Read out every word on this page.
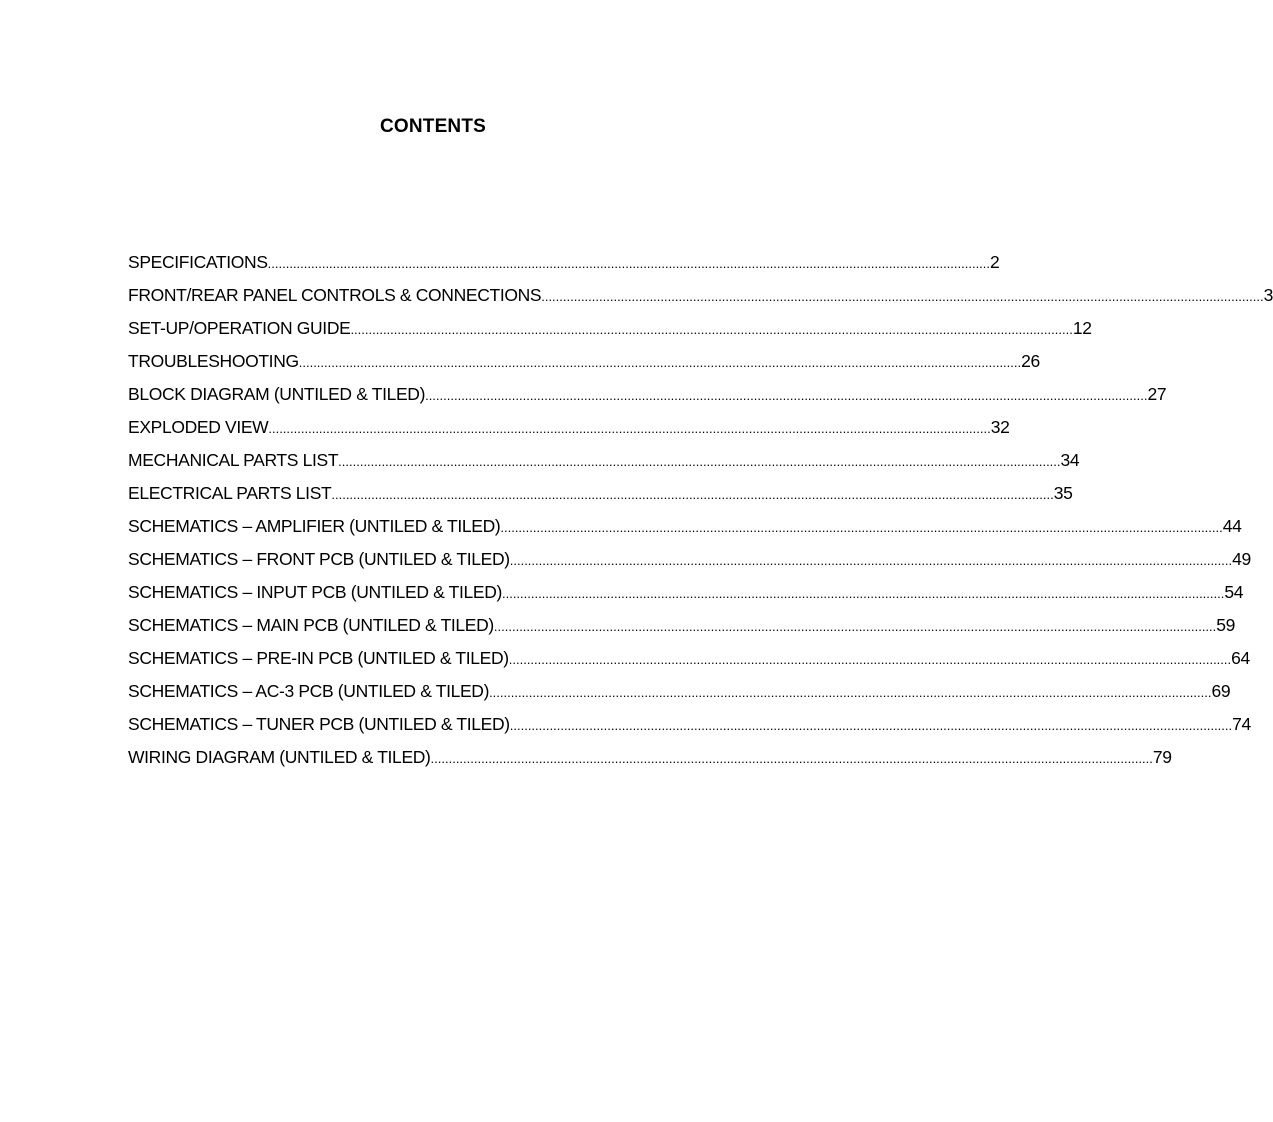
CONTENTS
SPECIFICATIONS ........................................................................................................................................................................................................ 2
FRONT/REAR PANEL CONTROLS & CONNECTIONS ........................................................................................................................................................................................................ 3
SET-UP/OPERATION GUIDE ........................................................................................................................................................................................................ 12
TROUBLESHOOTING ........................................................................................................................................................................................................ 26
BLOCK DIAGRAM (UNTILED & TILED) ........................................................................................................................................................................................................ 27
EXPLODED VIEW ........................................................................................................................................................................................................ 32
MECHANICAL PARTS LIST ........................................................................................................................................................................................................ 34
ELECTRICAL PARTS LIST ........................................................................................................................................................................................................ 35
SCHEMATICS – AMPLIFIER (UNTILED & TILED) ........................................................................................................................................................................................................ 44
SCHEMATICS – FRONT PCB (UNTILED & TILED) ........................................................................................................................................................................................................ 49
SCHEMATICS – INPUT PCB (UNTILED & TILED) ........................................................................................................................................................................................................ 54
SCHEMATICS – MAIN PCB (UNTILED & TILED) ........................................................................................................................................................................................................ 59
SCHEMATICS – PRE-IN PCB (UNTILED & TILED) ........................................................................................................................................................................................................ 64
SCHEMATICS – AC-3 PCB (UNTILED & TILED) ........................................................................................................................................................................................................ 69
SCHEMATICS – TUNER PCB (UNTILED & TILED) ........................................................................................................................................................................................................ 74
WIRING DIAGRAM (UNTILED & TILED) ........................................................................................................................................................................................................ 79
